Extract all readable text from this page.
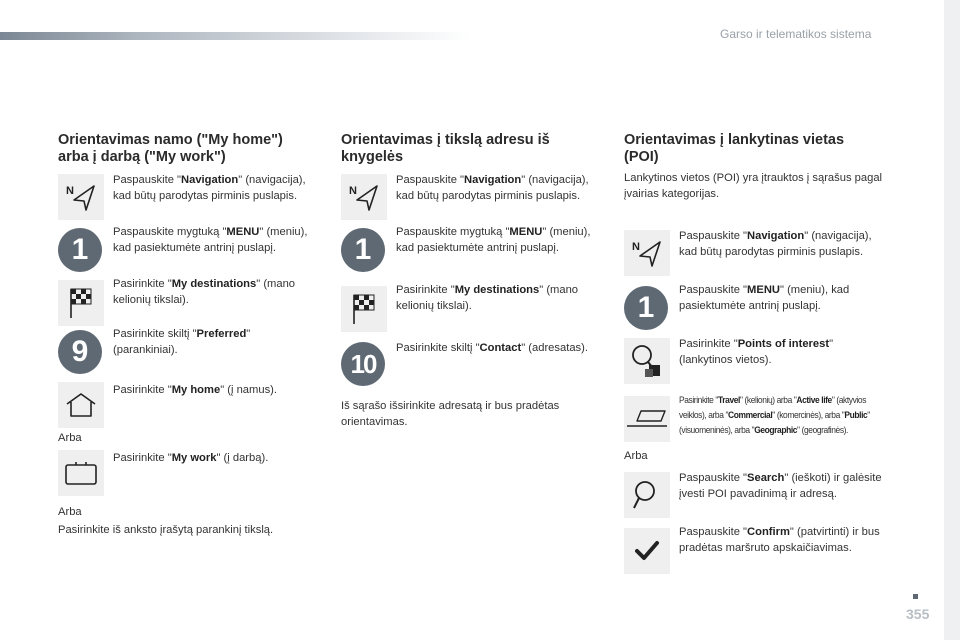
Garso ir telematikos sistema
Orientavimas namo ("My home")
arba į darbą ("My work")
N
Paspauskite "Navigation" (navigacija), kad būtų parodytas pirminis puslapis.
1
Paspauskite mygtuką "MENU" (meniu), kad pasiektumėte antrinį puslapį.
Pasirinkite "My destinations" (mano kelionių tikslai).
9
Pasirinkite skiltį "Preferred" (parankiniai).
Pasirinkite "My home" (į namus).
Arba
Pasirinkite "My work" (į darbą).
Arba
Pasirinkite iš anksto įrašytą parankinį tikslą.
Orientavimas į tikslą adresu iš
knygelės
N
Paspauskite "Navigation" (navigacija), kad būtų parodytas pirminis puslapis.
1
Paspauskite mygtuką "MENU" (meniu), kad pasiektumėte antrinį puslapį.
Pasirinkite "My destinations" (mano kelionių tikslai).
10
Pasirinkite skiltį "Contact" (adresatas).
Iš sąrašo išsirinkite adresatą ir bus pradėtas orientavimas.
Orientavimas į lankytinas vietas
(POI)
Lankytinos vietos (POI) yra įtrauktos į sąrašus pagal įvairias kategorijas.
N
Paspauskite "Navigation" (navigacija), kad būtų parodytas pirminis puslapis.
1
Paspauskite "MENU" (meniu), kad pasiektumėte antrinį puslapį.
Pasirinkite "Points of interest" (lankytinos vietos).
Pasirinkite "Travel" (kelionių) arba "Active life" (aktyvios veiklos), arba "Commercial" (komercinės), arba "Public" (visuomeninės), arba "Geographic" (geografinės).
Arba
Paspauskite "Search" (ieškoti) ir galėsite įvesti POI pavadinimą ir adresą.
Paspauskite "Confirm" (patvirtinti) ir bus pradėtas maršruto apskaičiavimas.
355
